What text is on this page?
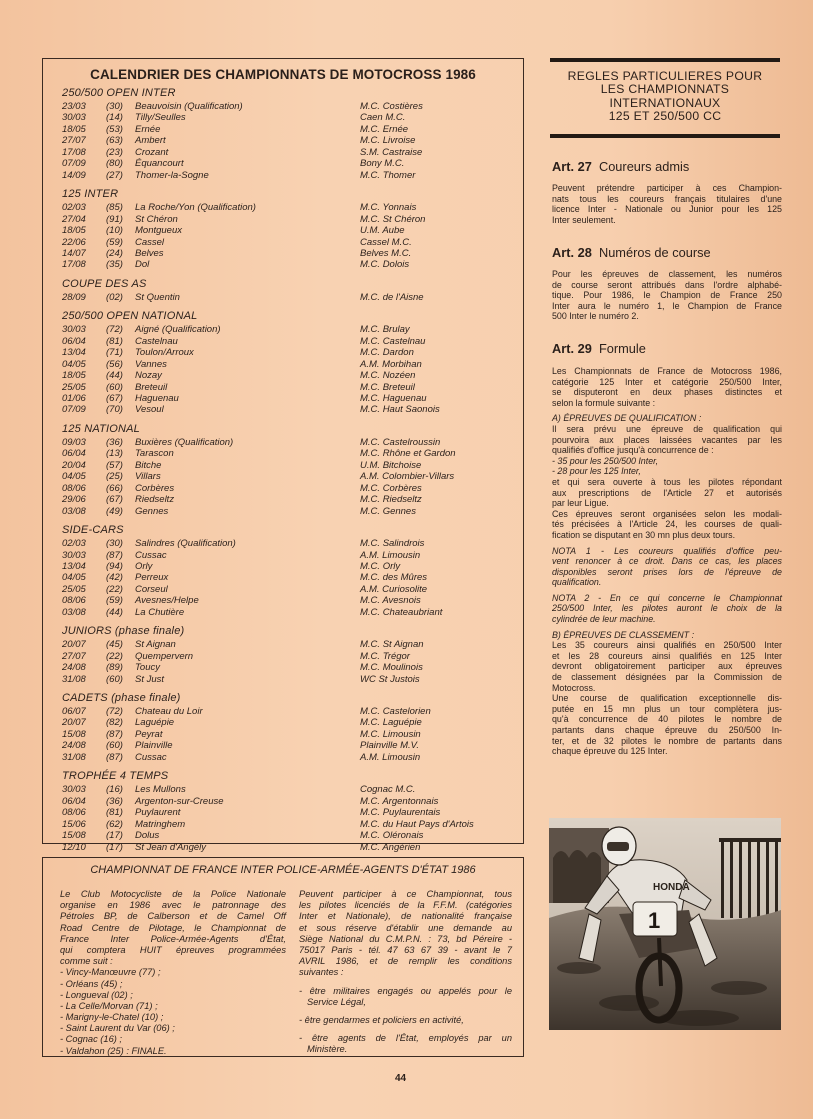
CALENDRIER DES CHAMPIONNATS DE MOTOCROSS 1986
250/500 OPEN INTER
23/03 (30) Beauvoisin (Qualification)	M.C. Costières
30/03 (14) Tilly/Seulles	Caen M.C.
18/05 (53) Ernée	M.C. Ernée
27/07 (63) Ambert	M.C. Livroise
17/08 (23) Crozant	S.M. Castraise
07/09 (80) Équancourt	Bony M.C.
14/09 (27) Thomer-la-Sogne	M.C. Thomer
125 INTER
02/03 (85) La Roche/Yon (Qualification)	M.C. Yonnais
27/04 (91) St Chéron	M.C. St Chéron
18/05 (10) Montgueux	U.M. Aube
22/06 (59) Cassel	Cassel M.C.
14/07 (24) Belves	Belves M.C.
17/08 (35) Dol	M.C. Dolois
COUPE DES AS
28/09 (02) St Quentin	M.C. de l'Aisne
250/500 OPEN NATIONAL
30/03 (72) Aigné (Qualification)	M.C. Brulay
06/04 (81) Castelnau	M.C. Castelnau
13/04 (71) Toulon/Arroux	M.C. Dardon
04/05 (56) Vannes	A.M. Morbihan
18/05 (44) Nozay	M.C. Nozéen
25/05 (60) Breteuil	M.C. Breteuil
01/06 (67) Haguenau	M.C. Haguenau
07/09 (70) Vesoul	M.C. Haut Saonois
125 NATIONAL
09/03 (36) Buxières (Qualification)	M.C. Castelroussin
06/04 (13) Tarascon	M.C. Rhône et Gardon
20/04 (57) Bitche	U.M. Bitchoise
04/05 (25) Villars	A.M. Colombier-Villars
08/06 (66) Corbères	M.C. Corbères
29/06 (67) Riedseltz	M.C. Riedseltz
03/08 (49) Gennes	M.C. Gennes
SIDE-CARS
02/03 (30) Salindres (Qualification)	M.C. Salindrois
30/03 (87) Cussac	A.M. Limousin
13/04 (94) Orly	M.C. Orly
04/05 (42) Perreux	M.C. des Mûres
25/05 (22) Corseul	A.M. Curiosolite
08/06 (59) Avesnes/Helpe	M.C. Avesnois
03/08 (44) La Chutière	M.C. Chateaubriant
JUNIORS (phase finale)
20/07 (45) St Aignan	M.C. St Aignan
27/07 (22) Quempervern	M.C. Trégor
24/08 (89) Toucy	M.C. Moulinois
31/08 (60) St Just	WC St Justois
CADETS (phase finale)
06/07 (72) Chateau du Loir	M.C. Castelorien
20/07 (82) Laguépie	M.C. Laguépie
15/08 (87) Peyrat	M.C. Limousin
24/08 (60) Plainville	Plainville M.V.
31/08 (87) Cussac	A.M. Limousin
TROPHÉE 4 TEMPS
30/03 (16) Les Mullons	Cognac M.C.
06/04 (36) Argenton-sur-Creuse	M.C. Argentonnais
08/06 (81) Puylaurent	M.C. Puylaurentais
15/06 (62) Matringhem	M.C. du Haut Pays d'Artois
15/08 (17) Dolus	M.C. Oléronais
12/10 (17) St Jean d'Angély	M.C. Angérien
CHAMPIONNAT DE FRANCE INTER POLICE-ARMÉE-AGENTS D'ÉTAT 1986
Le Club Motocycliste de la Police Nationale
organise en 1986 avec le patronnage des
Pétroles BP, de Calberson et de Camel Off
Road Centre de Pilotage, le Championnat de
France Inter Police-Armée-Agents d'État,
qui comptera HUIT épreuves programmées
comme suit :
- Vincy-Manœuvre (77) ;
- Orléans (45) ;
- Longueval (02) ;
- La Celle/Morvan (71) ;
- Marigny-le-Chatel (10) ;
- Saint Laurent du Var (06) ;
- Cognac (16) ;
- Valdahon (25) : FINALE.
Peuvent participer à ce Championnat, tous
les pilotes licenciés de la F.F.M. (catégories
Inter et Nationale), de nationalité française
et sous réserve d'établir une demande au
Siège National du C.M.P.N. : 73, bd Péreire -
75017 Paris - tél. 47 63 67 39 - avant le 7
AVRIL 1986, et de remplir les conditions
suivantes :
- être militaires engagés ou appelés pour le
Service Légal,
- être gendarmes et policiers en activité,
- être agents de l'État, employés par un
Ministère.
REGLES PARTICULIERES POUR
LES CHAMPIONNATS
INTERNATIONAUX
125 ET 250/500 CC
Art. 27 Coureurs admis
Peuvent prétendre participer à ces Champion-
nats tous les coureurs français titulaires d'une
licence Inter - Nationale ou Junior pour les 125
Inter seulement.
Art. 28 Numéros de course
Pour les épreuves de classement, les numéros
de course seront attribués dans l'ordre alphabé-
tique. Pour 1986, le Champion de France 250
Inter aura le numéro 1, le Champion de France
500 Inter le numéro 2.
Art. 29 Formule
Les Championnats de France de Motocross 1986,
catégorie 125 Inter et catégorie 250/500 Inter,
se disputeront en deux phases distinctes et
selon la formule suivante :
A) ÉPREUVES DE QUALIFICATION :
Il sera prévu une épreuve de qualification qui
pourvoira aux places laissées vacantes par les
qualifiés d'office jusqu'à concurrence de :
- 35 pour les 250/500 Inter,
- 28 pour les 125 Inter,
et qui sera ouverte à tous les pilotes répondant
aux prescriptions de l'Article 27 et autorisés
par leur Ligue.
Ces épreuves seront organisées selon les modali-
tés précisées à l'Article 24, les courses de quali-
fication se disputant en 30 mn plus deux tours.
NOTA 1 - Les coureurs qualifiés d'office peu-
vent renoncer à ce droit. Dans ce cas, les places
disponibles seront prises lors de l'épreuve de
qualification.
NOTA 2 - En ce qui concerne le Championnat
250/500 Inter, les pilotes auront le choix de la
cylindrée de leur machine.
B) ÉPREUVES DE CLASSEMENT :
Les 35 coureurs ainsi qualifiés en 250/500 Inter
et les 28 coureurs ainsi qualifiés en 125 Inter
devront obligatoirement participer aux épreuves
de classement désignées par la Commission de
Motocross.
Une course de qualification exceptionnelle dis-
putée en 15 mn plus un tour complètera jus-
qu'à concurrence de 40 pilotes le nombre de
partants dans chaque épreuve du 250/500 In-
ter, et de 32 pilotes le nombre de partants dans
chaque épreuve du 125 Inter.
HONDA
1
44
